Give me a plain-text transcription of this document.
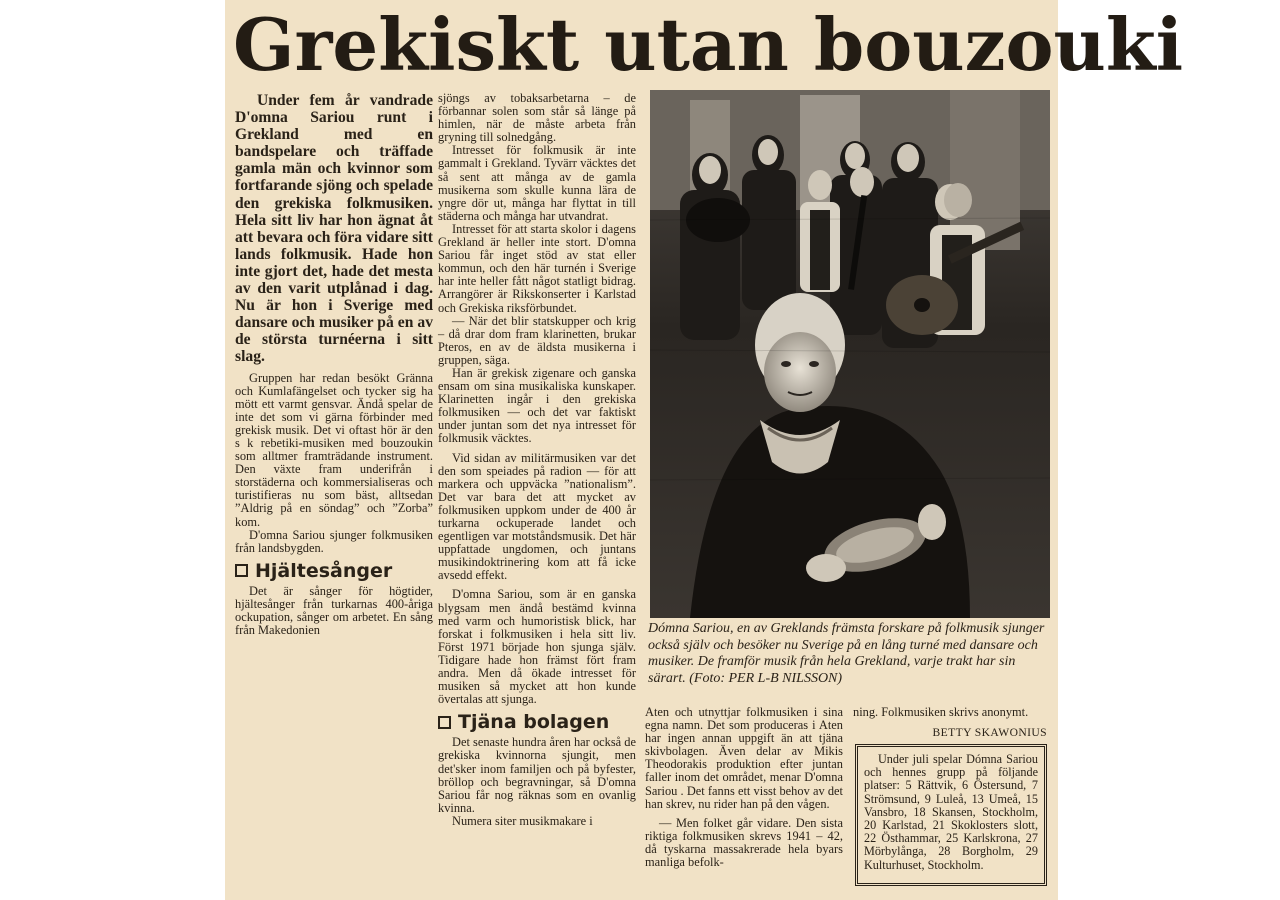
Grekiskt utan bouzouki

Under fem år vandrade D'omna Sariou runt i Grekland med en bandspelare och träffade gamla män och kvinnor som fortfarande sjöng och spelade den grekiska folkmusiken. Hela sitt liv har hon ägnat åt att bevara och föra vidare sitt lands folkmusik. Hade hon inte gjort det, hade det mesta av den varit utplånad i dag. Nu är hon i Sverige med dansare och musiker på en av de största turnéerna i sitt slag.

Gruppen har redan besökt Gränna och Kumlafängelset och tycker sig ha mött ett varmt gensvar. Ändå spelar de inte det som vi gärna förbinder med grekisk musik. Det vi oftast hör är den s k rebetiki-musiken med bouzoukin som alltmer framträdande instrument. Den växte fram underifrån i storstäderna och kommersialiseras och turistifieras nu som bäst, alltsedan ”Aldrig på en söndag” och ”Zorba” kom.

D'omna Sariou sjunger folkmusiken från landsbygden.

Hjältesånger

Det är sånger för högtider, hjältesånger från turkarnas 400-åriga ockupation, sånger om arbetet. En sång från Makedonien

sjöngs av tobaksarbetarna – de förbannar solen som står så länge på himlen, när de måste arbeta från gryning till solnedgång.

Intresset för folkmusik är inte gammalt i Grekland. Tyvärr väcktes det så sent att många av de gamla musikerna som skulle kunna lära de yngre dör ut, många har flyttat in till städerna och många har utvandrat.

Intresset för att starta skolor i dagens Grekland är heller inte stort. D'omna Sariou får inget stöd av stat eller kommun, och den här turnén i Sverige har inte heller fått något statligt bidrag. Arrangörer är Rikskonserter i Karlstad och Grekiska riksförbundet.

— När det blir statskupper och krig – då drar dom fram klarinetten, brukar Pteros, en av de äldsta musikerna i gruppen, säga.

Han är grekisk zigenare och ganska ensam om sina musikaliska kunskaper. Klarinetten ingår i den grekiska folkmusiken — och det var faktiskt under juntan som det nya intresset för folkmusik väcktes.

Vid sidan av militärmusiken var det den som speiades på radion — för att markera och uppväcka ”nationalism”. Det var bara det att mycket av folkmusiken uppkom under de 400 år turkarna ockuperade landet och egentligen var motståndsmusik. Det här uppfattade ungdomen, och juntans musikindoktrinering kom att få icke avsedd effekt.

D'omna Sariou, som är en ganska blygsam men ändå bestämd kvinna med varm och humoristisk blick, har forskat i folkmusiken i hela sitt liv. Först 1971 började hon sjunga själv. Tidigare hade hon främst fört fram andra. Men då ökade intresset för musiken så mycket att hon kunde övertalas att sjunga.

Tjäna bolagen

Det senaste hundra åren har också de grekiska kvinnorna sjungit, men det'sker inom familjen och på byfester, bröllop och begravningar, så D'omna Sariou får nog räknas som en ovanlig kvinna.

Numera siter musikmakare i

Dómna Sariou, en av Greklands främsta forskare på folkmusik sjunger också själv och besöker nu Sverige på en lång turné med dansare och musiker. De framför musik från hela Grekland, varje trakt har sin särart. (Foto: PER L-B NILSSON)

Aten och utnyttjar folkmusiken i sina egna namn. Det som produceras i Aten har ingen annan uppgift än att tjäna skivbolagen. Även delar av Mikis Theodorakis produktion efter juntan faller inom det området, menar D'omna Sariou . Det fanns ett visst behov av det han skrev, nu rider han på den vågen.

— Men folket går vidare. Den sista riktiga folkmusiken skrevs 1941 – 42, då tyskarna massakrerade hela byars manliga befolk-

ning. Folkmusiken skrivs anonymt.

BETTY SKAWONIUS

Under juli spelar Dómna Sariou och hennes grupp på följande platser: 5 Rättvik, 6 Östersund, 7 Strömsund, 9 Luleå, 13 Umeå, 15 Vansbro, 18 Skansen, Stockholm, 20 Karlstad, 21 Skoklosters slott, 22 Östhammar, 25 Karlskrona, 27 Mörbylånga, 28 Borgholm, 29 Kulturhuset, Stockholm.
